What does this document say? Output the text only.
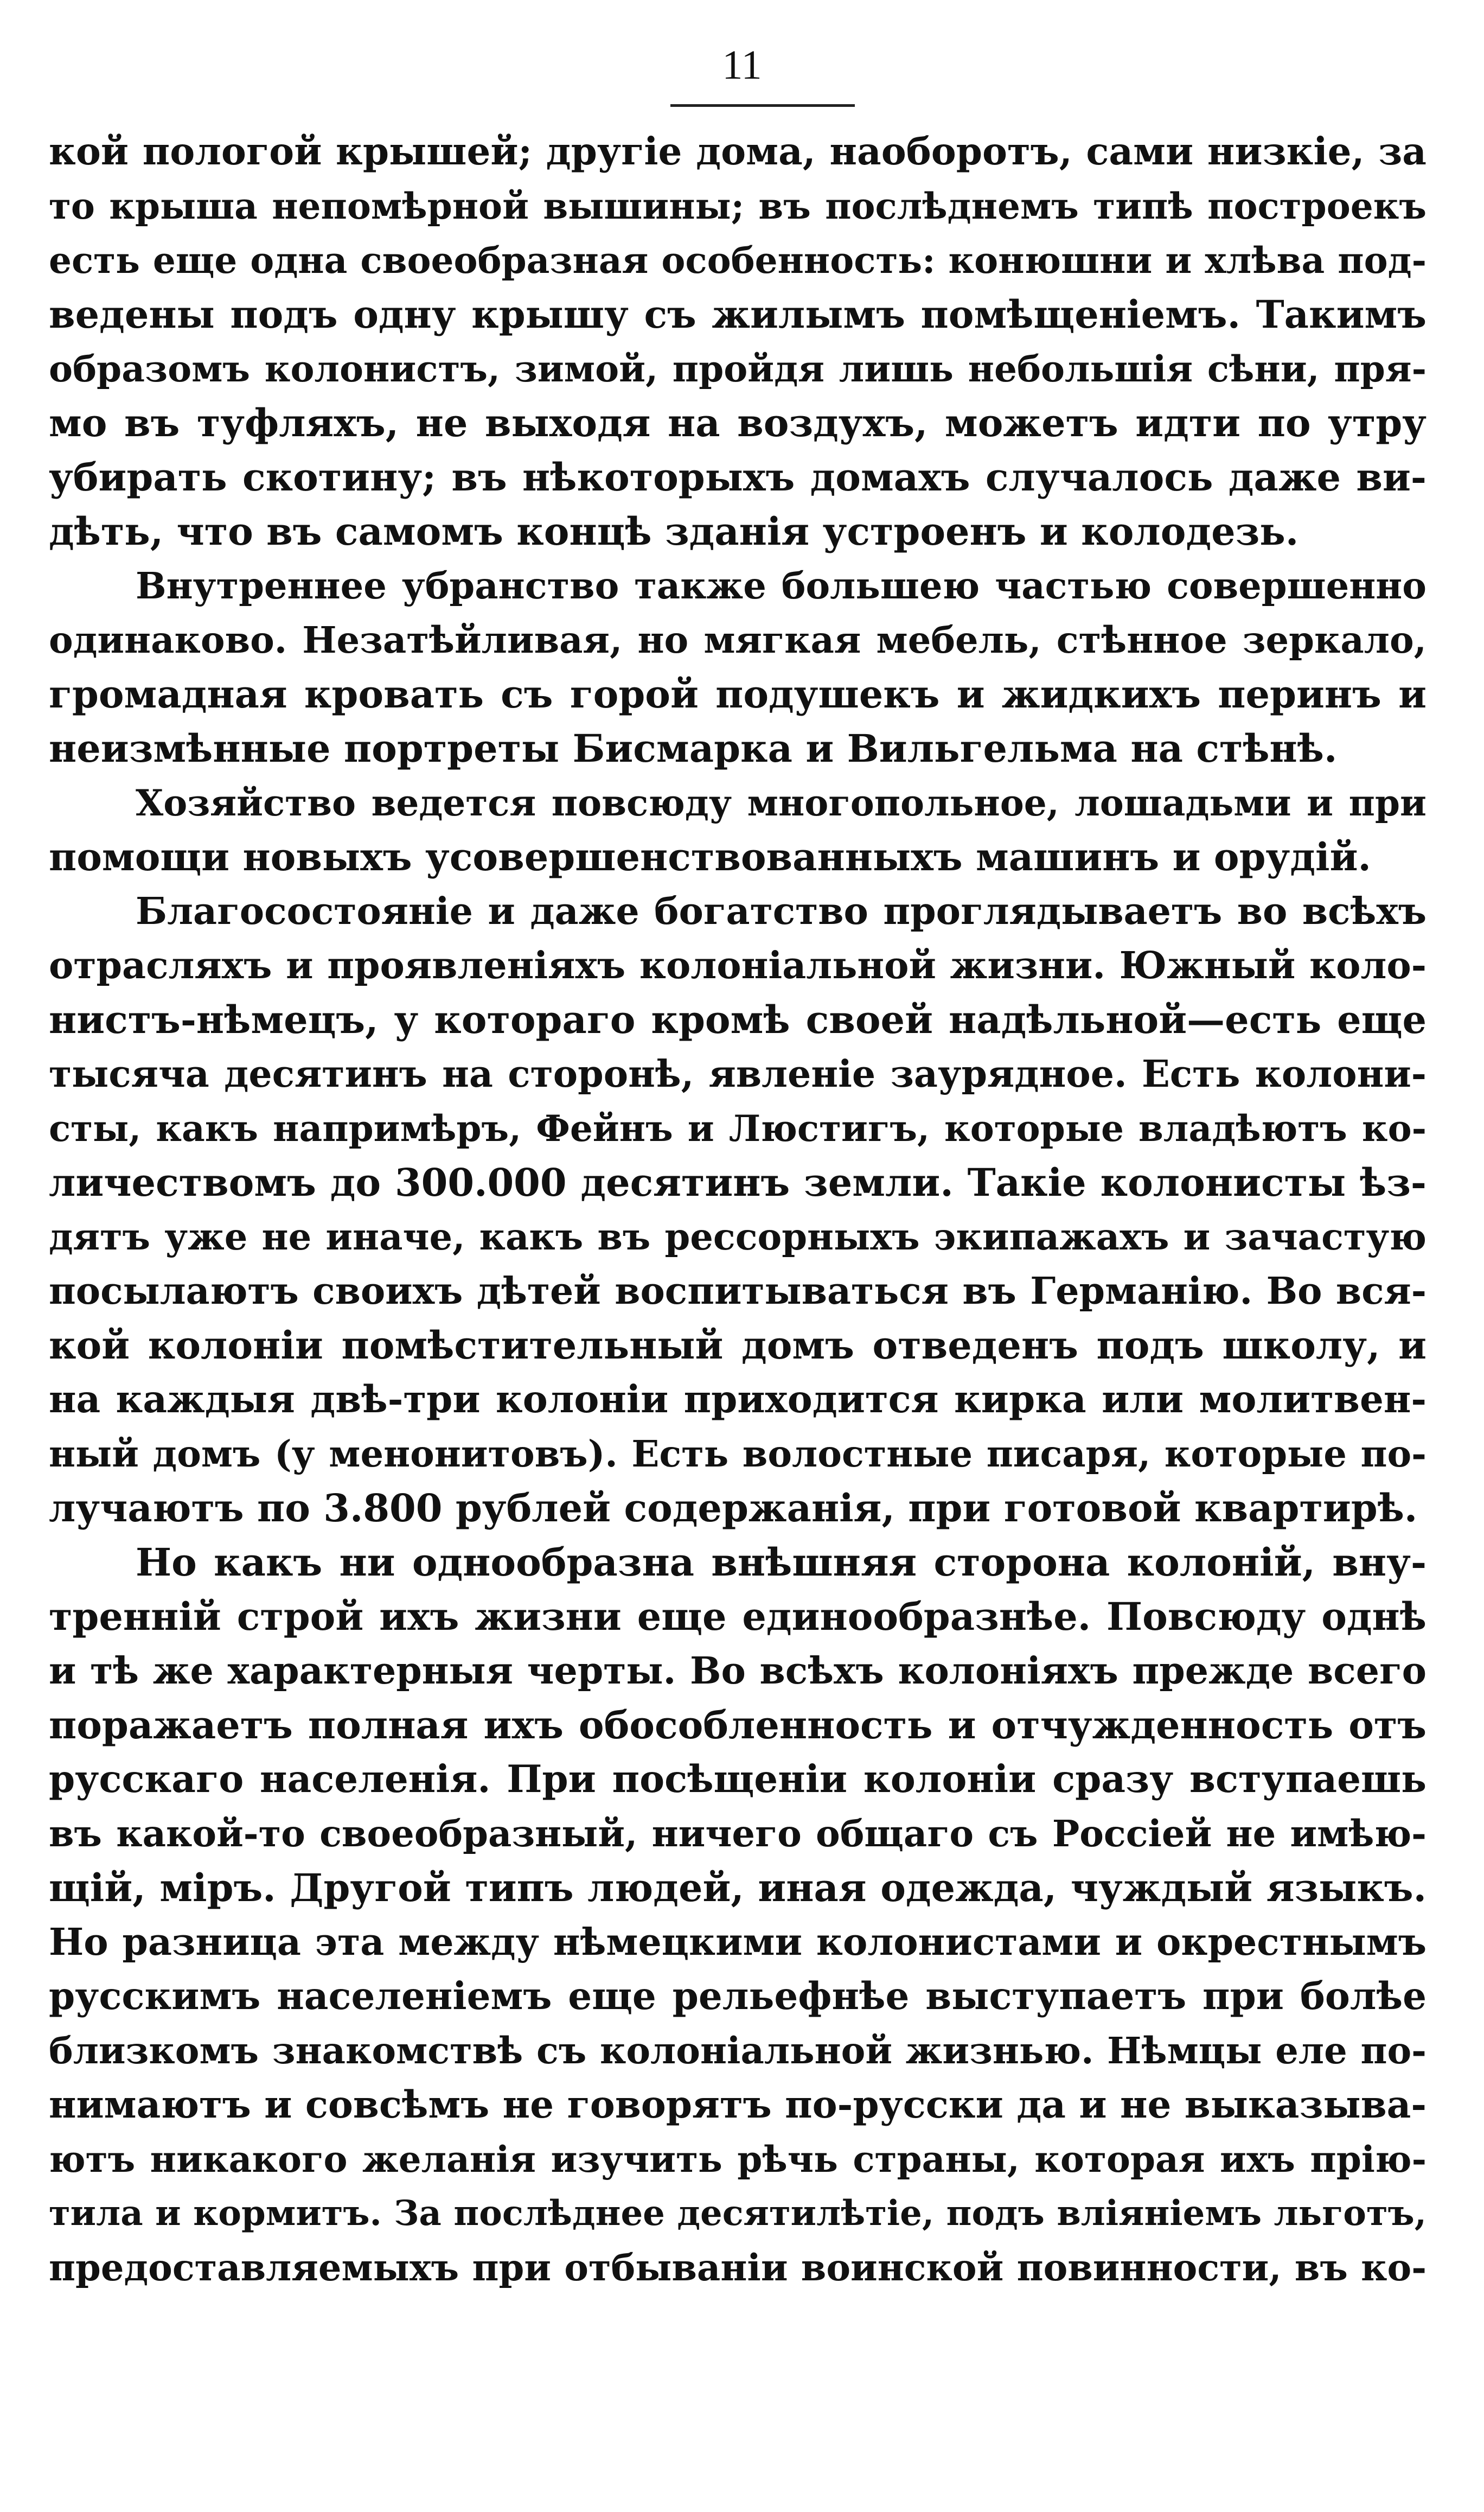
11
кой пологой крышей; другіе дома, наоборотъ, сами низкіе, за
то крыша непомѣрной вышины; въ послѣднемъ типѣ построекъ
есть еще одна своеобразная особенность: конюшни и хлѣва под-
ведены подъ одну крышу съ жилымъ помѣщеніемъ. Такимъ
образомъ колонистъ, зимой, пройдя лишь небольшія сѣни, пря-
мо въ туфляхъ, не выходя на воздухъ, можетъ идти по утру
убирать скотину; въ нѣкоторыхъ домахъ случалось даже ви-
дѣть, что въ самомъ концѣ зданія устроенъ и колодезь.
Внутреннее убранство также большею частью совершенно
одинаково. Незатѣйливая, но мягкая мебель, стѣнное зеркало,
громадная кровать съ горой подушекъ и жидкихъ перинъ и
неизмѣнные портреты Бисмарка и Вильгельма на стѣнѣ.
Хозяйство ведется повсюду многопольное, лошадьми и при
помощи новыхъ усовершенствованныхъ машинъ и орудій.
Благосостояніе и даже богатство проглядываетъ во всѣхъ
отрасляхъ и проявленіяхъ колоніальной жизни. Южный коло-
нистъ-нѣмецъ, у котораго кромѣ своей надѣльной—есть еще
тысяча десятинъ на сторонѣ, явленіе заурядное. Есть колони-
сты, какъ напримѣръ, Фейнъ и Люстигъ, которые владѣютъ ко-
личествомъ до 300.000 десятинъ земли. Такіе колонисты ѣз-
дятъ уже не иначе, какъ въ рессорныхъ экипажахъ и зачастую
посылаютъ своихъ дѣтей воспитываться въ Германію. Во вся-
кой колоніи помѣстительный домъ отведенъ подъ школу, и
на каждыя двѣ-три колоніи приходится кирка или молитвен-
ный домъ (у менонитовъ). Есть волостные писаря, которые по-
лучаютъ по 3.800 рублей содержанія, при готовой квартирѣ.
Но какъ ни однообразна внѣшняя сторона колоній, вну-
тренній строй ихъ жизни еще единообразнѣе. Повсюду однѣ
и тѣ же характерныя черты. Во всѣхъ колоніяхъ прежде всего
поражаетъ полная ихъ обособленность и отчужденность отъ
русскаго населенія. При посѣщеніи колоніи сразу вступаешь
въ какой-то своеобразный, ничего общаго съ Россіей не имѣю-
щій, міръ. Другой типъ людей, иная одежда, чуждый языкъ.
Но разница эта между нѣмецкими колонистами и окрестнымъ
русскимъ населеніемъ еще рельефнѣе выступаетъ при болѣе
близкомъ знакомствѣ съ колоніальной жизнью. Нѣмцы еле по-
нимаютъ и совсѣмъ не говорятъ по-русски да и не выказыва-
ютъ никакого желанія изучить рѣчь страны, которая ихъ прію-
тила и кормитъ. За послѣднее десятилѣтіе, подъ вліяніемъ льготъ,
предоставляемыхъ при отбываніи воинской повинности, въ ко-
